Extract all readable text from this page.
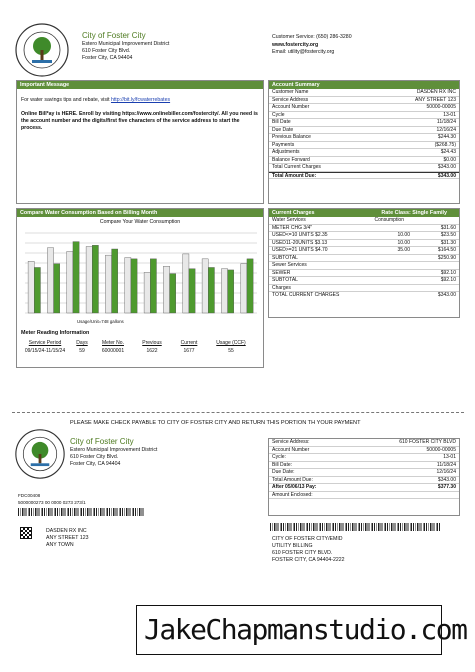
City of Foster City
Estero Municipal Improvement District
610 Foster City Blvd.
Foster City, CA 94404
Customer Service: (650) 286-3280
www.fostercity.org
Email: utility@fostercity.org
Important Message
For water savings tips and rebate, visit http://bit.ly/fcwaterrebates
Online Bill*ay is HERE. Enroll by visiting https://www.onlinebiller.com/fostercity/. All you need is the account number and the digits/first five characters of the service address to start the process.
Account Summary
Customer Name	DASDEN RX INC
Service Address	ANY STREET 123
Account Number	50000-00005
Cycle	13-01
Bill Date	11/18/24
Due Date	12/16/24
Previous Balance	$244.30
Payments	($268.75)
Adjustments	$24.43
Balance Forward	$0.00
Total Current Charges	$343.00
Total Amount Due:	$343.00
Compare Water Consumption Based on Billing Month
Compare Your Water Consumption
Usage/Unit=748 gallons
Meter Reading Information
Service Period	Days	Meter No.	Previous	Current	Usage (CCF)
09/15/24-11/15/24	59	60000001	1622	1677	55
Current Charges	Rate Class: Single Family
Water Services	Consumption
METER CHG 3/4"	$31.60
USED<=10 UNITS $2.35	10.00	$23.50
USED11-20UNITS $3.13	10.00	$31.30
USED>=21 UNITS $4.70	35.00	$164.50
SUBTOTAL	$250.90
Sewer Services
SEWER	$92.10
SUBTOTAL	$92.10
Charges
TOTAL CURRENT CHARGES	$343.00
PLEASE MAKE CHECK PAYABLE TO CITY OF FOSTER CITY AND RETURN THIS PORTION TH YOUR PAYMENT
City of Foster City
Estero Municipal Improvement District
610 Foster City Blvd.
Foster City, CA 94404
FDC00408
5000000273 00 0000 0273 273/1
DASDEN RX INC
ANY STREET 123
ANY TOWN
Service Address:	610 FOSTER CITY BLVD
Account Number	50000-00005
Cycle:	13-01
Bill Date:	11/18/24
Due Date:	12/16/24
Total Amount Due:	$343.00
After 05/06/13 Pay:	$377.30
Amount Enclosed:
CITY OF FOSTER CITY/EMID
UTILITY BILLING
610 FOSTER CITY BLVD.
FOSTER CITY, CA 94404-2222
JakeChapmanstudio.com
